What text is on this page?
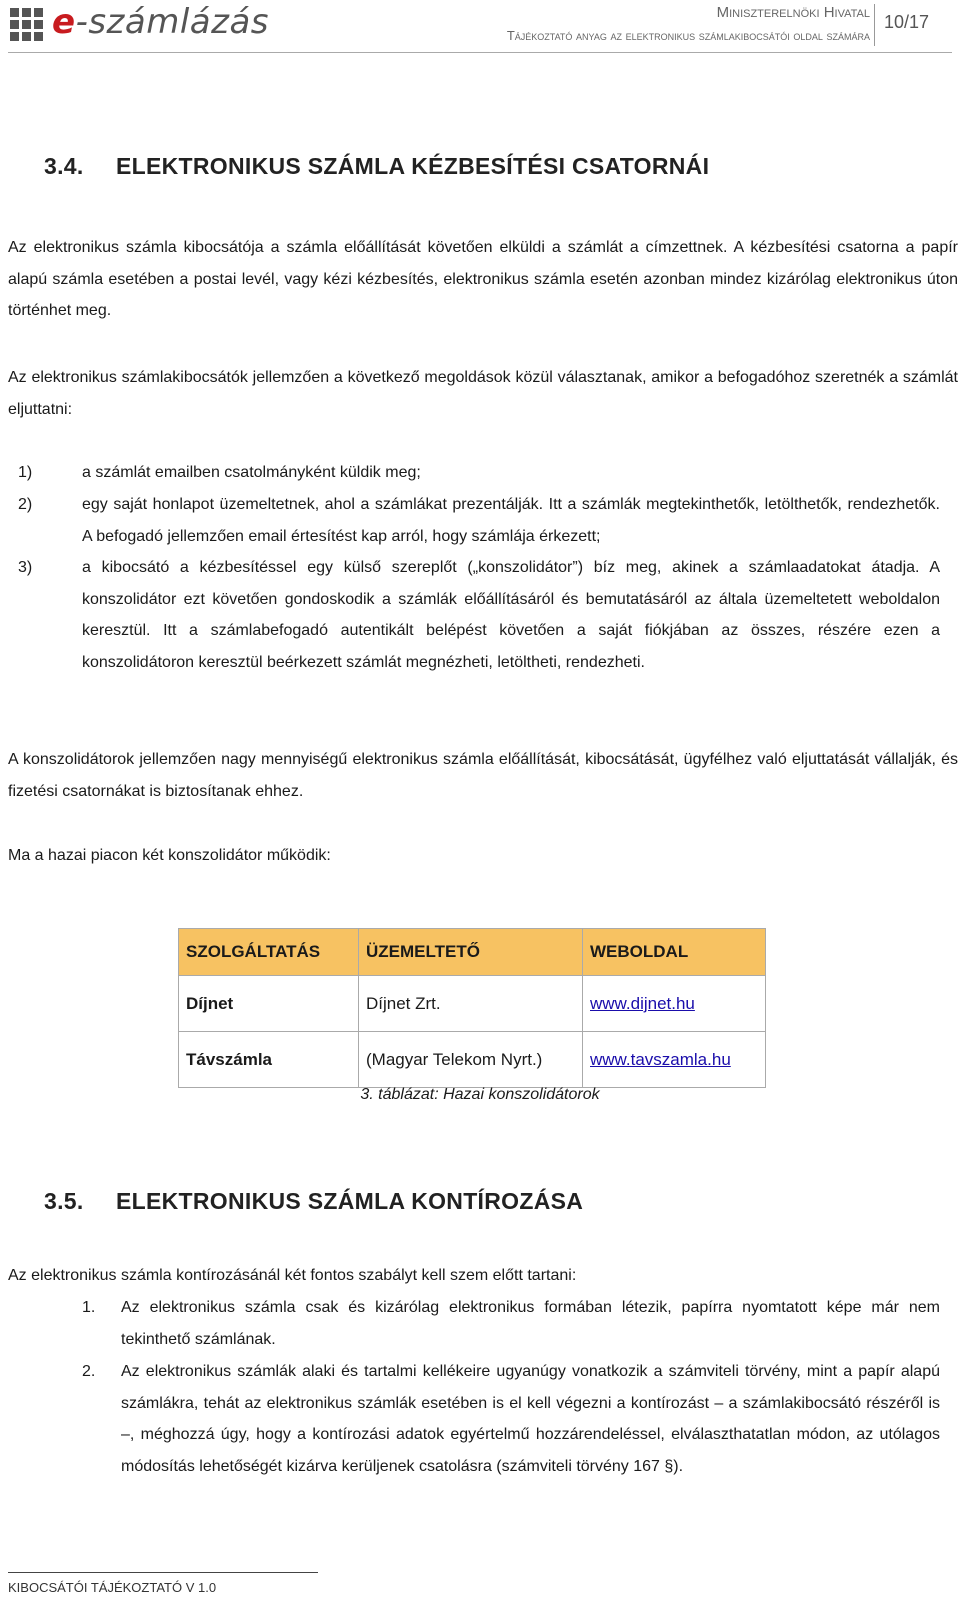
e-számlázás	Miniszterelnöki Hivatal
Tájékoztató anyag az elektronikus számlakibocsátói oldal számára
10/17
3.4. ELEKTRONIKUS SZÁMLA KÉZBESÍTÉSI CSATORNÁI

Az elektronikus számla kibocsátója a számla előállítását követően elküldi a számlát a címzettnek. A kézbesítési csatorna a papír alapú számla esetében a postai levél, vagy kézi kézbesítés, elektronikus számla esetén azonban mindez kizárólag elektronikus úton történhet meg.

Az elektronikus számlakibocsátók jellemzően a következő megoldások közül választanak, amikor a befogadóhoz szeretnék a számlát eljuttatni:

1)	a számlát emailben csatolmányként küldik meg;

2)	egy saját honlapot üzemeltetnek, ahol a számlákat prezentálják. Itt a számlák megtekinthetők, letölthetők, rendezhetők. A befogadó jellemzően email értesítést kap arról, hogy számlája érkezett;

3)	a kibocsátó a kézbesítéssel egy külső szereplőt („konszolidátor”) bíz meg, akinek a számlaadatokat átadja. A konszolidátor ezt követően gondoskodik a számlák előállításáról és bemutatásáról az általa üzemeltetett weboldalon keresztül. Itt a számlabefogadó autentikált belépést követően a saját fiókjában az összes, részére ezen a konszolidátoron keresztül beérkezett számlát megnézheti, letöltheti, rendezheti.

A konszolidátorok jellemzően nagy mennyiségű elektronikus számla előállítását, kibocsátását, ügyfélhez való eljuttatását vállalják, és fizetési csatornákat is biztosítanak ehhez.

Ma a hazai piacon két konszolidátor működik:

SZOLGÁLTATÁS	ÜZEMELTETŐ	WEBOLDAL
Díjnet	Díjnet Zrt.	www.dijnet.hu
Távszámla	(Magyar Telekom Nyrt.)	www.tavszamla.hu
3. táblázat: Hazai konszolidátorok
3.5. ELEKTRONIKUS SZÁMLA KONTÍROZÁSA

Az elektronikus számla kontírozásánál két fontos szabályt kell szem előtt tartani:

1. Az elektronikus számla csak és kizárólag elektronikus formában létezik, papírra nyomtatott képe már nem tekinthető számlának.

2. Az elektronikus számlák alaki és tartalmi kellékeire ugyanúgy vonatkozik a számviteli törvény, mint a papír alapú számlákra, tehát az elektronikus számlák esetében is el kell végezni a kontírozást – a számlakibocsátó részéről is –, méghozzá úgy, hogy a kontírozási adatok egyértelmű hozzárendeléssel, elválaszthatatlan módon, az utólagos módosítás lehetőségét kizárva kerüljenek csatolásra (számviteli törvény 167 §).

KIBOCSÁTÓI TÁJÉKOZTATÓ V 1.0
